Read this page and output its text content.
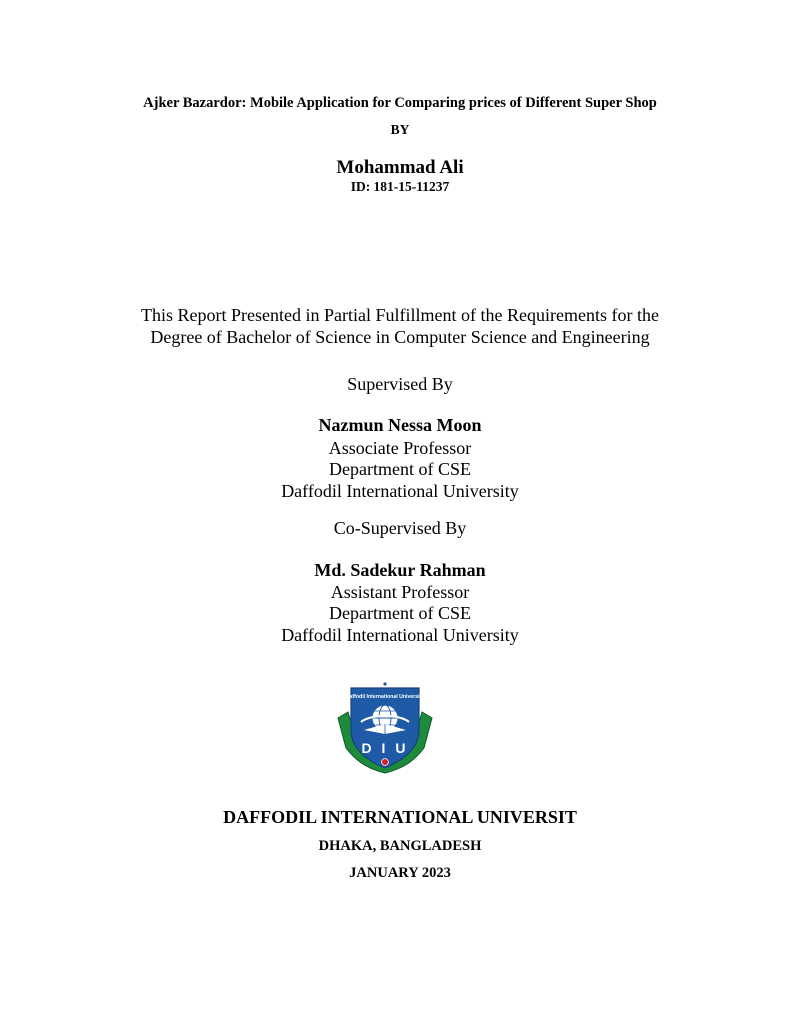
Ajker Bazardor: Mobile Application for Comparing prices of Different Super Shop
BY
Mohammad Ali
ID: 181-15-11237
This Report Presented in Partial Fulfillment of the Requirements for the
Degree of Bachelor of Science in Computer Science and Engineering
Supervised By
Nazmun Nessa Moon
Associate Professor
Department of CSE
Daffodil International University
Co-Supervised By
Md. Sadekur Rahman
Assistant Professor
Department of CSE
Daffodil International University
Daffodil International University
D I U
DAFFODIL INTERNATIONAL UNIVERSIT
DHAKA, BANGLADESH
JANUARY 2023
